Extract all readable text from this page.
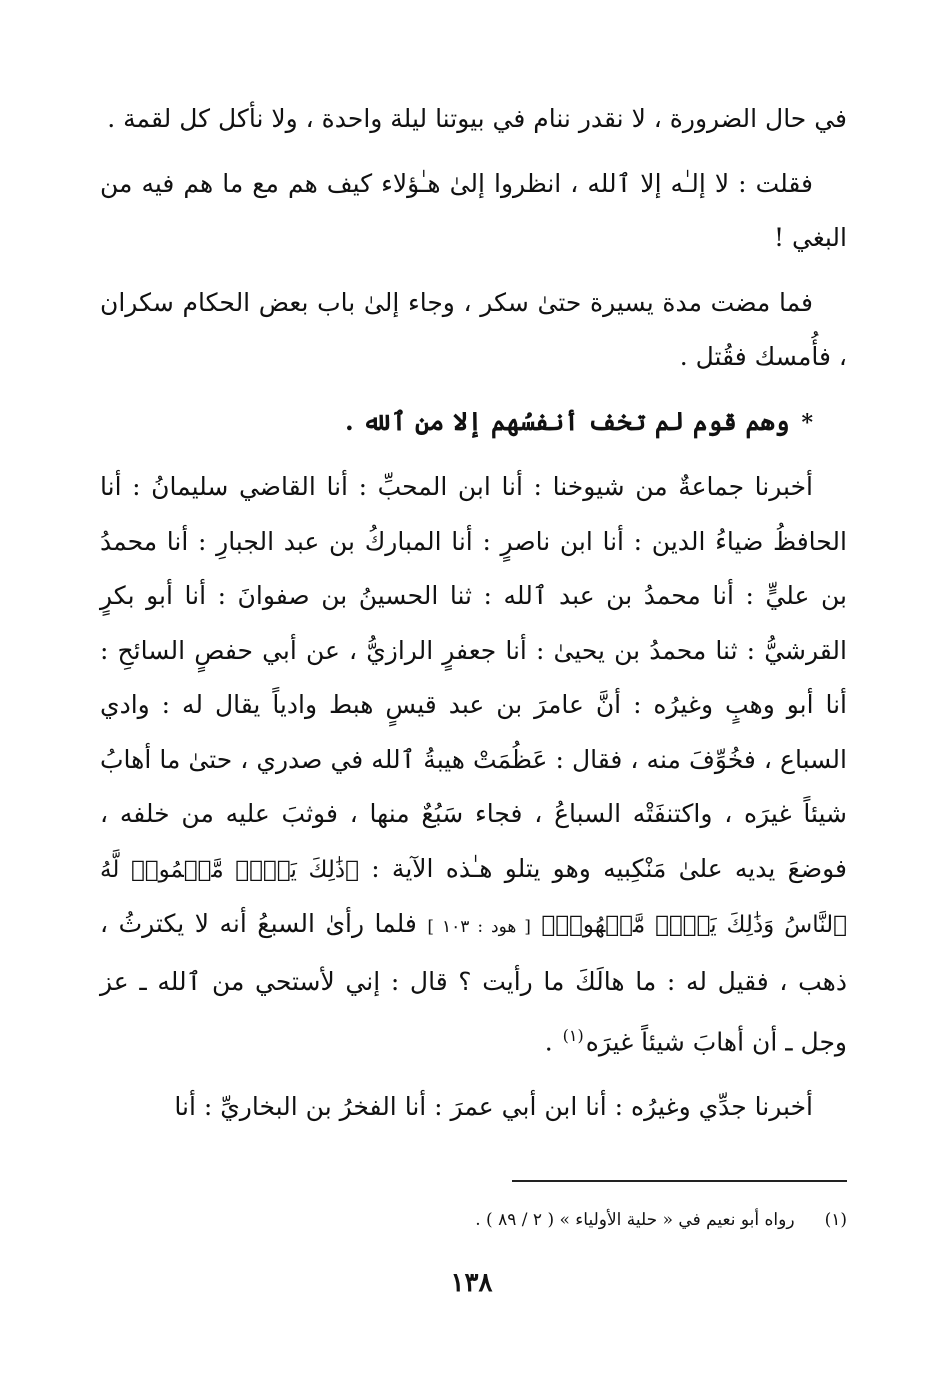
في حال الضرورة ، لا نقدر ننام في بيوتنا ليلة واحدة ، ولا نأكل كل لقمة .

فقلت : لا إلـٰه إلا ٱلله ، انظروا إلىٰ هـٰؤلاء كيف هم مع ما هم فيه من البغي !

فما مضت مدة يسيرة حتىٰ سكر ، وجاء إلىٰ باب بعض الحكام سكران ، فأُمسك فقُتل .

*وهم قوم لم تخف أنفسُهم إلا من ٱلله .

أخبرنا جماعةٌ من شيوخنا : أنا ابن المحبِّ : أنا القاضي سليمانُ : أنا الحافظُ ضياءُ الدين : أنا ابن ناصرٍ : أنا المباركُ بن عبد الجبارِ : أنا محمدُ بن عليٍّ : أنا محمدُ بن عبد ٱلله : ثنا الحسينُ بن صفوانَ : أنا أبو بكرٍ القرشيُّ : ثنا محمدُ بن يحيىٰ : أنا جعفرٍ الرازيُّ ، عن أبي حفصٍ السائحِ : أنا أبو وهبٍ وغيرُه : أنَّ عامرَ بن عبد قيسٍ هبط وادياً يقال له : وادي السباع ، فخُوِّفَ منه ، فقال : عَظُمَتْ هيبةُ ٱلله في صدري ، حتىٰ ما أهابُ شيئاً غيرَه ، واكتنفَتْه السباعُ ، فجاء سَبُعٌ منها ، فوثبَ عليه من خلفه ، فوضعَ يديه علىٰ مَنْكِبيه وهو يتلو هـٰذه الآية : ﴿ذَٰلِكَ يَوۡمٞ مَّجۡمُوعٞ لَّهُ ٱلنَّاسُ وَذَٰلِكَ يَوۡمٞ مَّشۡهُودٞ﴾ [ هود : ١٠٣ ] فلما رأىٰ السبعُ أنه لا يكترثُ ، ذهب ، فقيل له : ما هالَكَ ما رأيت ؟ قال : إني لأستحي من ٱلله ـ عز وجل ـ أن أهابَ شيئاً غيرَه$^{(١)}$ .

أخبرنا جدِّي وغيرُه : أنا ابن أبي عمرَ : أنا الفخرُ بن البخاريِّ : أنا

(١)رواه أبو نعيم في « حلية الأولياء » ( ٢ / ٨٩ ) .
١٣٨
